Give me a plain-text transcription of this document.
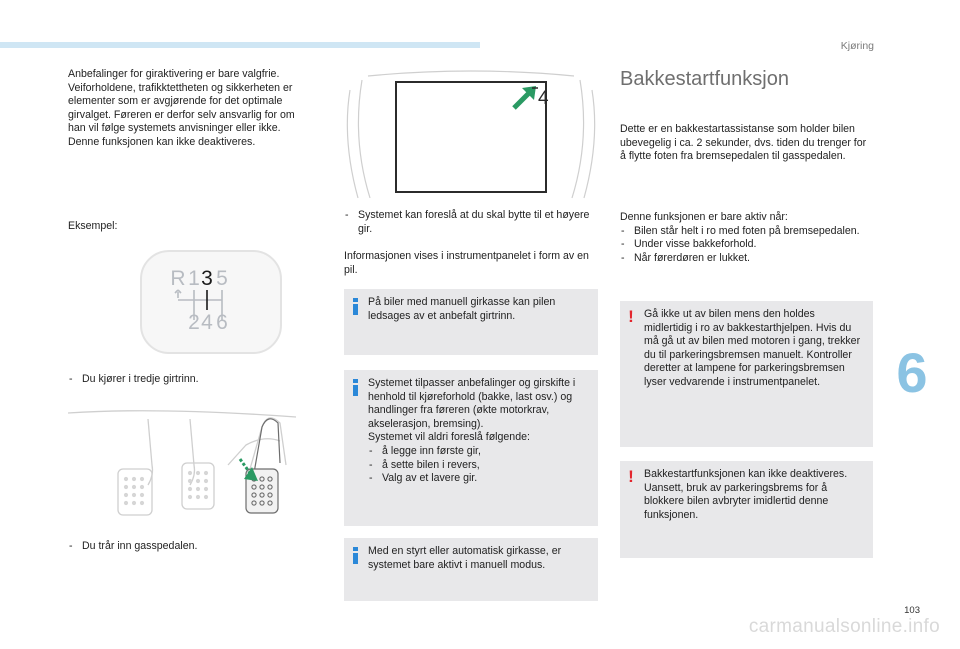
Kjøring
6
103
carmanualsonline.info
Anbefalinger for giraktivering er bare valgfrie. Veiforholdene, trafikktettheten og sikkerheten er elementer som er avgjørende for det optimale girvalget. Føreren er derfor selv ansvarlig for om han vil følge systemets anvisninger eller ikke.
Denne funksjonen kan ikke deaktiveres.
Eksempel:
R 1 3 5
2 4 6
- Du kjører i tredje girtrinn.
- Du trår inn gasspedalen.
4
- Systemet kan foreslå at du skal bytte til et høyere gir.
Informasjonen vises i instrumentpanelet i form av en pil.
På biler med manuell girkasse kan pilen ledsages av et anbefalt girtrinn.
Systemet tilpasser anbefalinger og girskifte i henhold til kjøreforhold (bakke, last osv.) og handlinger fra føreren (økte motorkrav, akselerasjon, bremsing).
Systemet vil aldri foreslå følgende:
- å legge inn første gir,
- å sette bilen i revers,
- Valg av et lavere gir.
Med en styrt eller automatisk girkasse, er systemet bare aktivt i manuell modus.
Bakkestartfunksjon
Dette er en bakkestartassistanse som holder bilen ubevegelig i ca. 2 sekunder, dvs. tiden du trenger for å flytte foten fra bremsepedalen til gasspedalen.
Denne funksjonen er bare aktiv når:
- Bilen står helt i ro med foten på bremsepedalen.
- Under visse bakkeforhold.
- Når førerdøren er lukket.
! Gå ikke ut av bilen mens den holdes midlertidig i ro av bakkestarthjelpen. Hvis du må gå ut av bilen med motoren i gang, trekker du til parkeringsbremsen manuelt. Kontroller deretter at lampene for parkeringsbremsen lyser vedvarende i instrumentpanelet.
! Bakkestartfunksjonen kan ikke deaktiveres. Uansett, bruk av parkeringsbrems for å blokkere bilen avbryter imidlertid denne funksjonen.
